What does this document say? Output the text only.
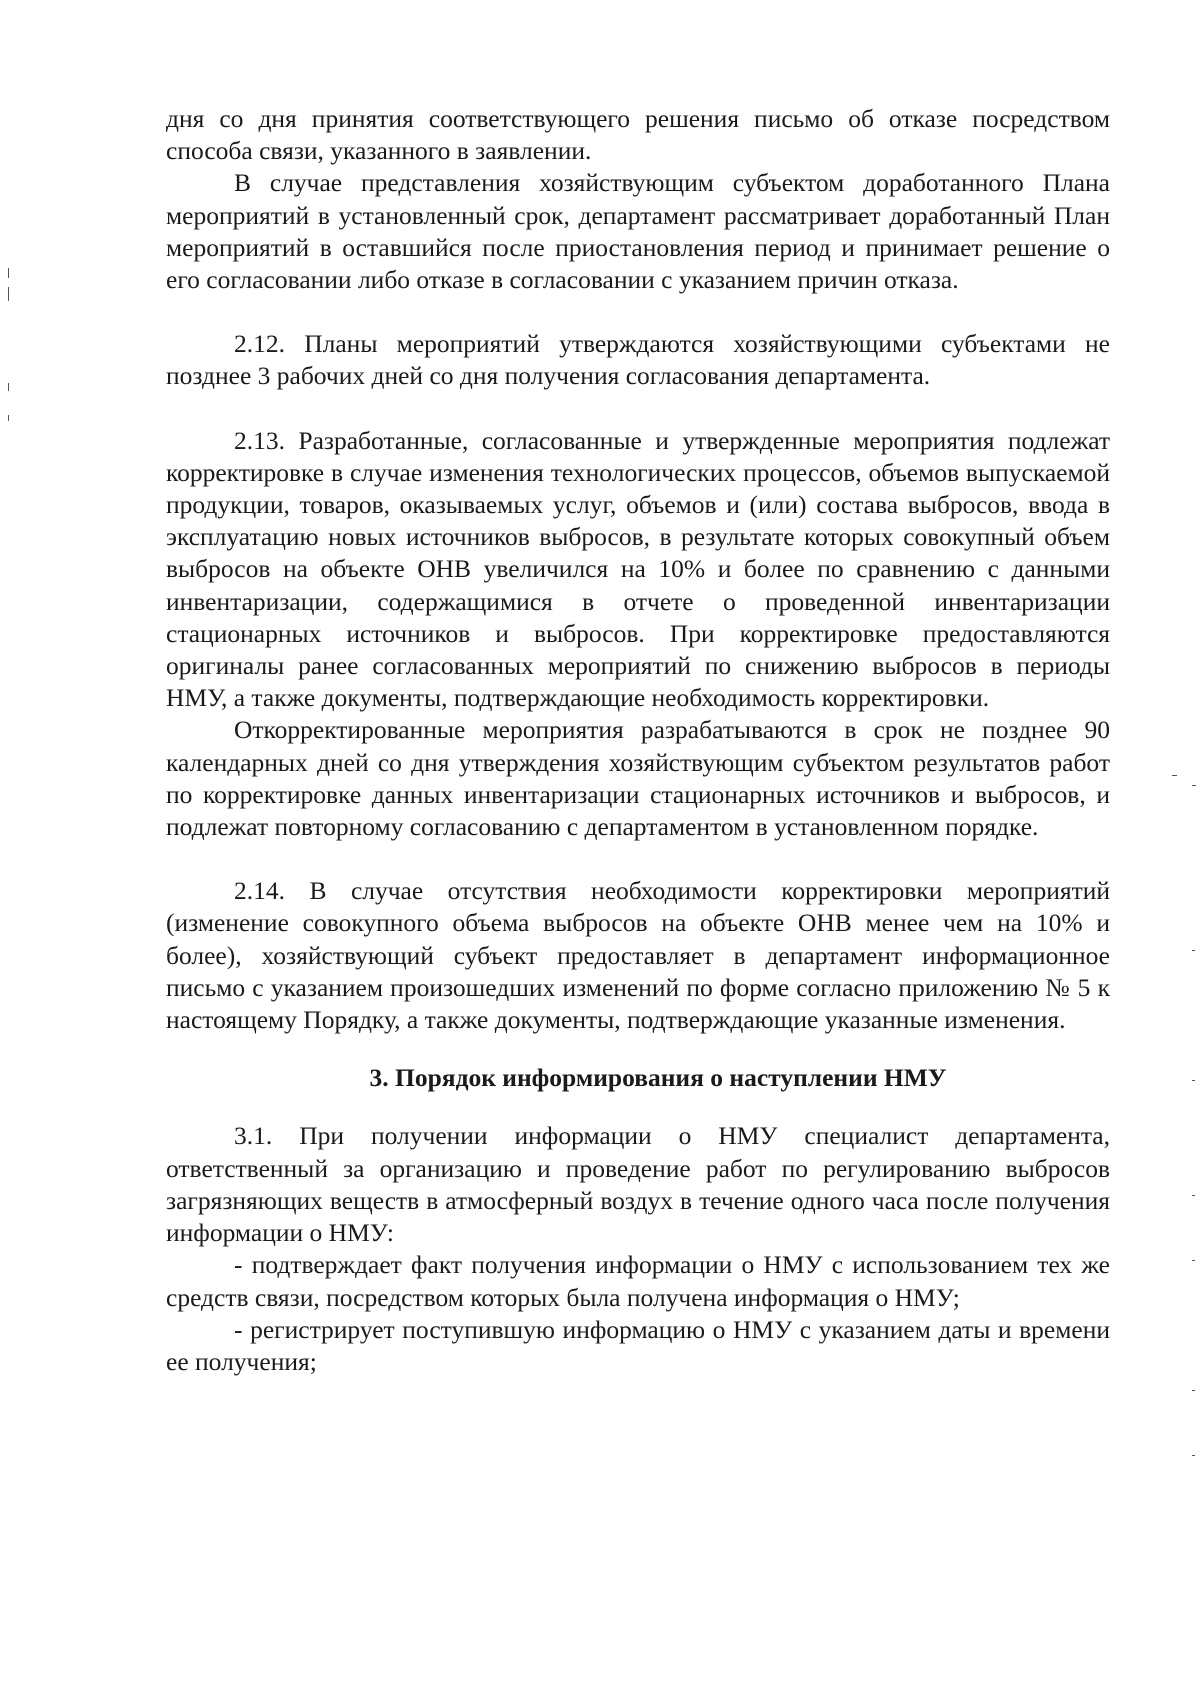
дня со дня принятия соответствующего решения письмо об отказе посредством способа связи, указанного в заявлении.

В случае представления хозяйствующим субъектом доработанного Плана мероприятий в установленный срок, департамент рассматривает доработанный План мероприятий в оставшийся после приостановления период и принимает решение о его согласовании либо отказе в согласовании с указанием причин отказа.

2.12. Планы мероприятий утверждаются хозяйствующими субъектами не позднее 3 рабочих дней со дня получения согласования департамента.

2.13. Разработанные, согласованные и утвержденные мероприятия подлежат корректировке в случае изменения технологических процессов, объемов выпускаемой продукции, товаров, оказываемых услуг, объемов и (или) состава выбросов, ввода в эксплуатацию новых источников выбросов, в результате которых совокупный объем выбросов на объекте ОНВ увеличился на 10% и более по сравнению с данными инвентаризации, содержащимися в отчете о проведенной инвентаризации стационарных источников и выбросов. При корректировке предоставляются оригиналы ранее согласованных мероприятий по снижению выбросов в периоды НМУ, а также документы, подтверждающие необходимость корректировки.

Откорректированные мероприятия разрабатываются в срок не позднее 90 календарных дней со дня утверждения хозяйствующим субъектом результатов работ по корректировке данных инвентаризации стационарных источников и выбросов, и подлежат повторному согласованию с департаментом в установленном порядке.

2.14. В случае отсутствия необходимости корректировки мероприятий (изменение совокупного объема выбросов на объекте ОНВ менее чем на 10% и более), хозяйствующий субъект предоставляет в департамент информационное письмо с указанием произошедших изменений по форме согласно приложению № 5 к настоящему Порядку, а также документы, подтверждающие указанные изменения.

3. Порядок информирования о наступлении НМУ

3.1. При получении информации о НМУ специалист департамента, ответственный за организацию и проведение работ по регулированию выбросов загрязняющих веществ в атмосферный воздух в течение одного часа после получения информации о НМУ:

- подтверждает факт получения информации о НМУ с использованием тех же средств связи, посредством которых была получена информация о НМУ;

- регистрирует поступившую информацию о НМУ с указанием даты и времени ее получения;
